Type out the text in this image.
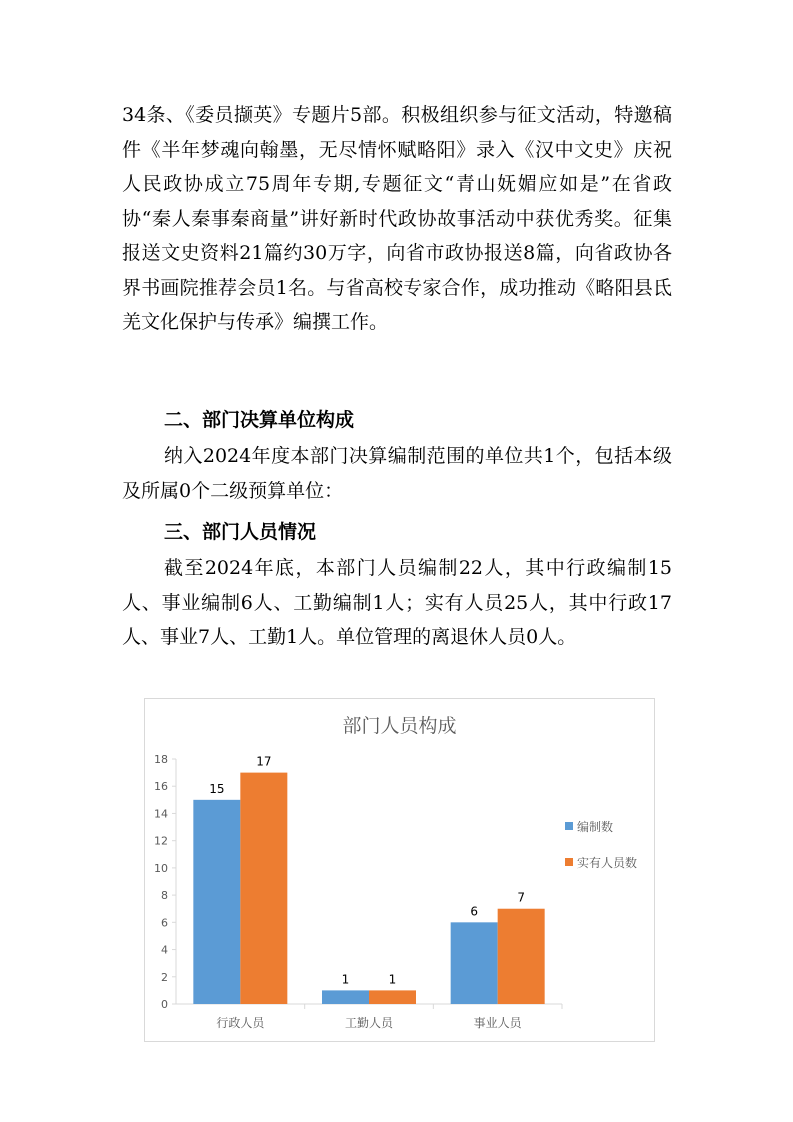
34条、《委员撷英》专题片5部。积极组织参与征文活动，特邀稿件《半年梦魂向翰墨，无尽情怀赋略阳》录入《汉中文史》庆祝人民政协成立75周年专期,专题征文“青山妩媚应如是”在省政协“秦人秦事秦商量”讲好新时代政协故事活动中获优秀奖。征集报送文史资料21篇约30万字，向省市政协报送8篇，向省政协各界书画院推荐会员1名。与省高校专家合作，成功推动《略阳县氐羌文化保护与传承》编撰工作。
二、部门决算单位构成
纳入2024年度本部门决算编制范围的单位共1个，包括本级及所属0个二级预算单位：
三、部门人员情况
截至2024年底，本部门人员编制22人，其中行政编制15人、事业编制6人、工勤编制1人；实有人员25人，其中行政17人、事业7人、工勤1人。单位管理的离退休人员0人。
部门人员构成
0
2
4
6
8
10
12
14
16
18
行政人员
15
17
工勤人员
1	1
事业人员
6
7
编制数
实有人员数
